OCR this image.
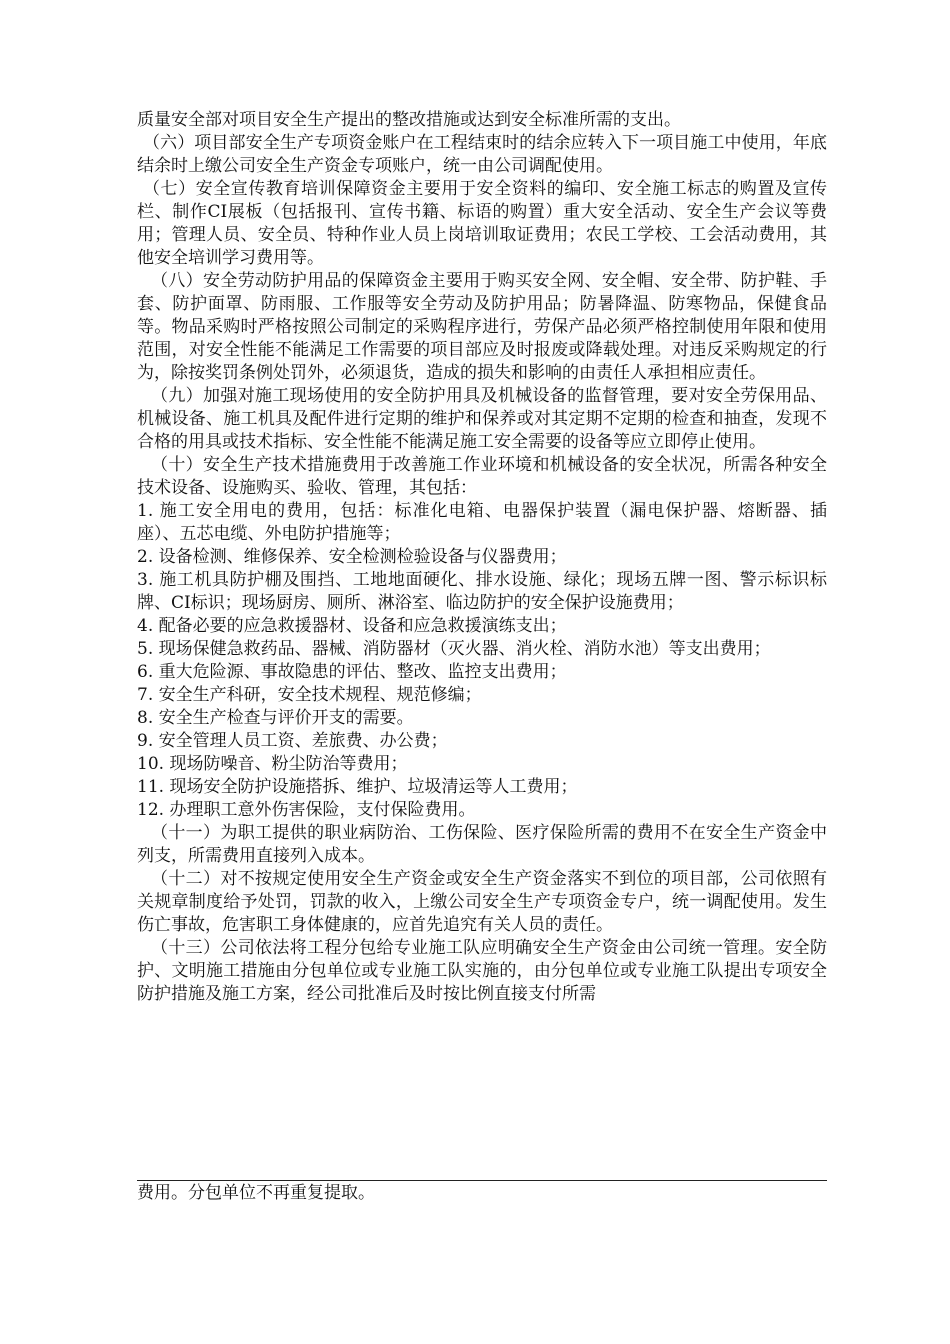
质量安全部对项目安全生产提出的整改措施或达到安全标准所需的支出。

（六）项目部安全生产专项资金账户在工程结束时的结余应转入下一项目施工中使用，年底结余时上缴公司安全生产资金专项账户，统一由公司调配使用。

（七）安全宣传教育培训保障资金主要用于安全资料的编印、安全施工标志的购置及宣传栏、制作CI展板（包括报刊、宣传书籍、标语的购置）重大安全活动、安全生产会议等费用；管理人员、安全员、特种作业人员上岗培训取证费用；农民工学校、工会活动费用，其他安全培训学习费用等。

（八）安全劳动防护用品的保障资金主要用于购买安全网、安全帽、安全带、防护鞋、手套、防护面罩、防雨服、工作服等安全劳动及防护用品；防暑降温、防寒物品，保健食品等。物品采购时严格按照公司制定的采购程序进行，劳保产品必须严格控制使用年限和使用范围，对安全性能不能满足工作需要的项目部应及时报废或降载处理。对违反采购规定的行为，除按奖罚条例处罚外，必须退货，造成的损失和影响的由责任人承担相应责任。

（九）加强对施工现场使用的安全防护用具及机械设备的监督管理，要对安全劳保用品、机械设备、施工机具及配件进行定期的维护和保养或对其定期不定期的检查和抽查，发现不合格的用具或技术指标、安全性能不能满足施工安全需要的设备等应立即停止使用。

（十）安全生产技术措施费用于改善施工作业环境和机械设备的安全状况，所需各种安全技术设备、设施购买、验收、管理，其包括：

1. 施工安全用电的费用，包括：标准化电箱、电器保护装置（漏电保护器、熔断器、插座）、五芯电缆、外电防护措施等；

2. 设备检测、维修保养、安全检测检验设备与仪器费用；

3. 施工机具防护棚及围挡、工地地面硬化、排水设施、绿化；现场五牌一图、警示标识标牌、CI标识；现场厨房、厕所、淋浴室、临边防护的安全保护设施费用；

4. 配备必要的应急救援器材、设备和应急救援演练支出；

5. 现场保健急救药品、器械、消防器材（灭火器、消火栓、消防水池）等支出费用；

6. 重大危险源、事故隐患的评估、整改、监控支出费用；

7. 安全生产科研，安全技术规程、规范修编；

8. 安全生产检查与评价开支的需要。

9. 安全管理人员工资、差旅费、办公费；

10. 现场防噪音、粉尘防治等费用；

11. 现场安全防护设施搭拆、维护、垃圾清运等人工费用；

12. 办理职工意外伤害保险，支付保险费用。

（十一）为职工提供的职业病防治、工伤保险、医疗保险所需的费用不在安全生产资金中列支，所需费用直接列入成本。

（十二）对不按规定使用安全生产资金或安全生产资金落实不到位的项目部，公司依照有关规章制度给予处罚，罚款的收入，上缴公司安全生产专项资金专户，统一调配使用。发生伤亡事故，危害职工身体健康的，应首先追究有关人员的责任。

（十三）公司依法将工程分包给专业施工队应明确安全生产资金由公司统一管理。安全防护、文明施工措施由分包单位或专业施工队实施的，由分包单位或专业施工队提出专项安全防护措施及施工方案，经公司批准后及时按比例直接支付所需

费用。分包单位不再重复提取。
